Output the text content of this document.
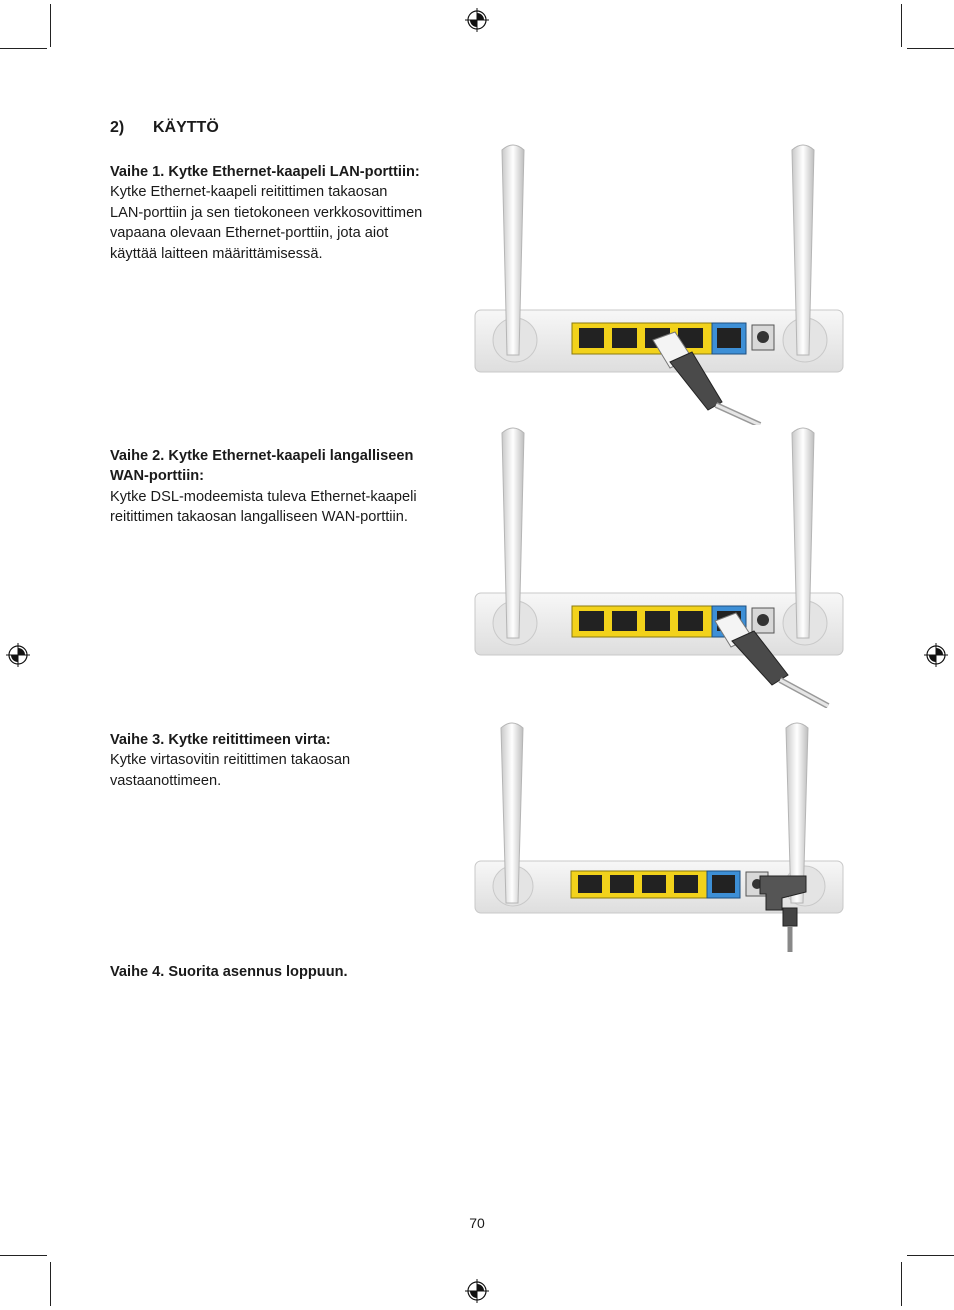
2) KÄYTTÖ
Vaihe 1. Kytke Ethernet-kaapeli LAN-porttiin:
Kytke Ethernet-kaapeli reitittimen takaosan
LAN-porttiin ja sen tietokoneen verkkosovittimen
vapaana olevaan Ethernet-porttiin, jota aiot
käyttää laitteen määrittämisessä.
Vaihe 2. Kytke Ethernet-kaapeli langalliseen
WAN-porttiin:
Kytke DSL-modeemista tuleva Ethernet-kaapeli
reitittimen takaosan langalliseen WAN-porttiin.
Vaihe 3. Kytke reitittimeen virta:
Kytke virtasovitin reitittimen takaosan
vastaanottimeen.
Vaihe 4. Suorita asennus loppuun.
70
